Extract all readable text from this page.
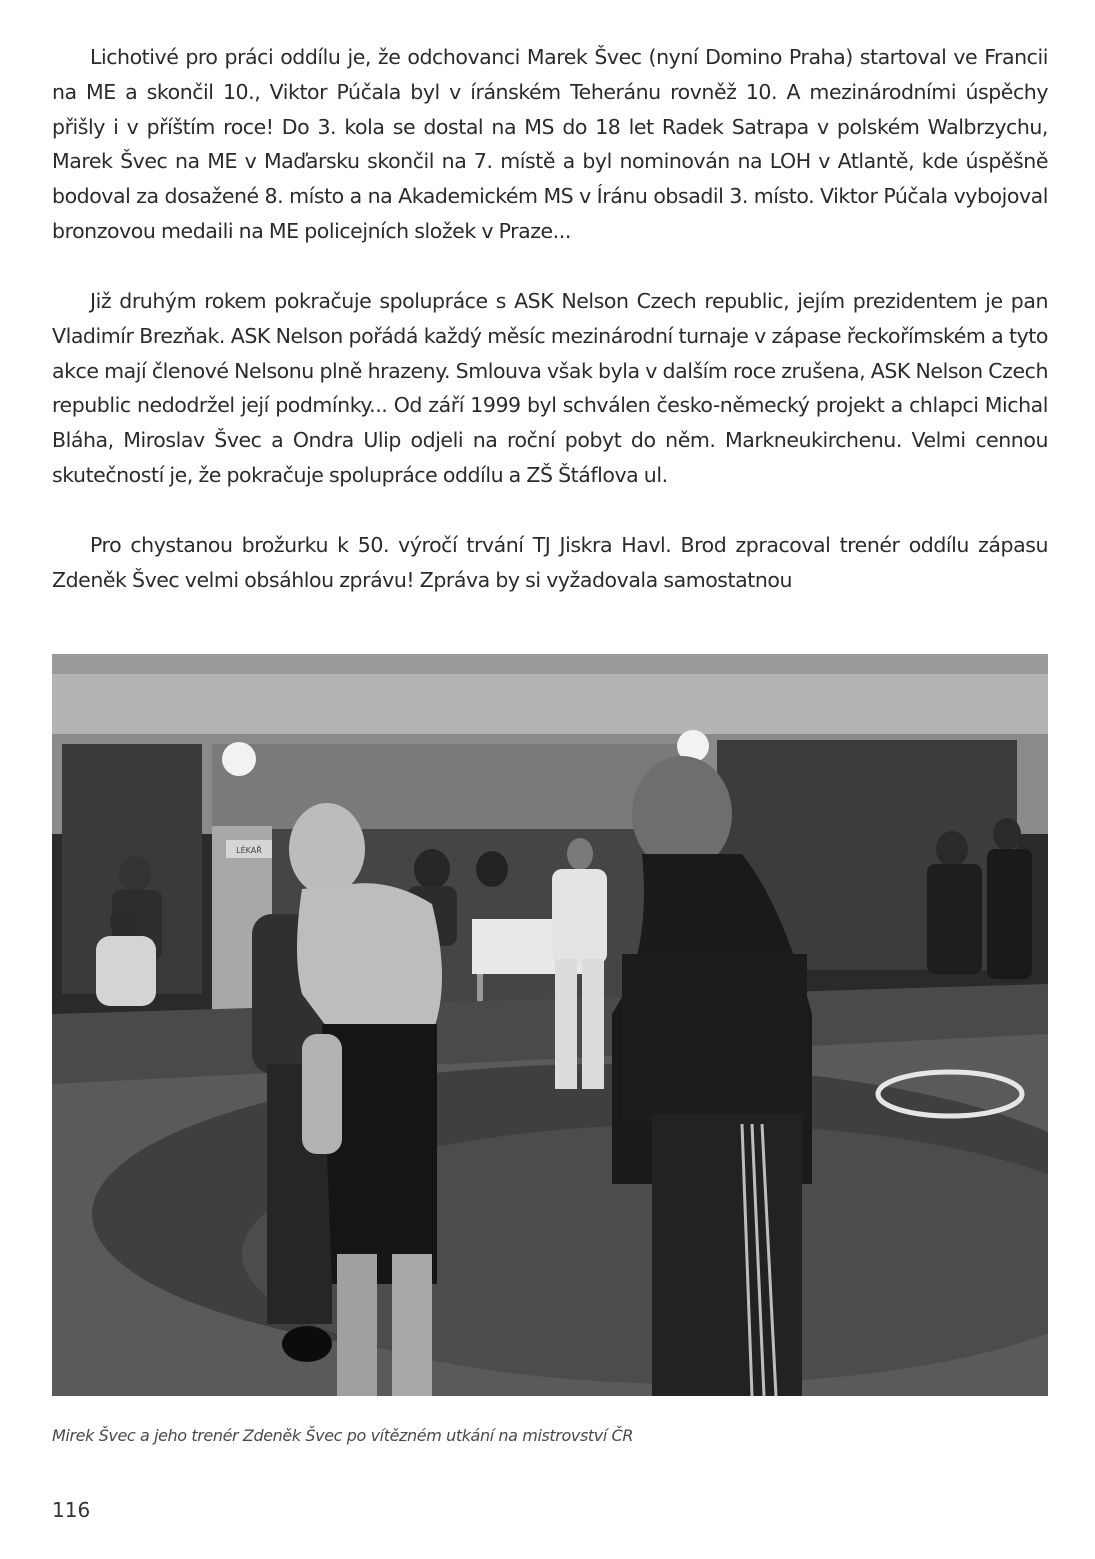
Lichotivé pro práci oddílu je, že odchovanci Marek Švec (nyní Domino Praha) startoval ve Francii na ME a skončil 10., Viktor Púčala byl v íránském Teheránu rovněž 10. A mezinárodními úspěchy přišly i v příštím roce! Do 3. kola se dostal na MS do 18 let Radek Satrapa v polském Walbrzychu, Marek Švec na ME v Maďarsku skončil na 7. místě a byl nominován na LOH v Atlantě, kde úspěšně bodoval za dosažené 8. místo a na Akademickém MS v Íránu obsadil 3. místo. Viktor Púčala vybojoval bronzovou medaili na ME policejních složek v Praze...

Již druhým rokem pokračuje spolupráce s ASK Nelson Czech republic, jejím prezidentem je pan Vladimír Brezňak. ASK Nelson pořádá každý měsíc mezinárodní turnaje v zápase řeckořímském a tyto akce mají členové Nelsonu plně hrazeny. Smlouva však byla v dalším roce zrušena, ASK Nelson Czech republic nedodržel její podmínky... Od září 1999 byl schválen česko-německý projekt a chlapci Michal Bláha, Miroslav Švec a Ondra Ulip odjeli na roční pobyt do něm. Markneukirchenu. Velmi cennou skutečností je, že pokračuje spolupráce oddílu a ZŠ Štáflova ul.

Pro chystanou brožurku k 50. výročí trvání TJ Jiskra Havl. Brod zpracoval trenér oddílu zápasu Zdeněk Švec velmi obsáhlou zprávu! Zpráva by si vyžadovala samostatnou

LÉKAŘ

Mirek Švec a jeho trenér Zdeněk Švec po vítězném utkání na mistrovství ČR

116
